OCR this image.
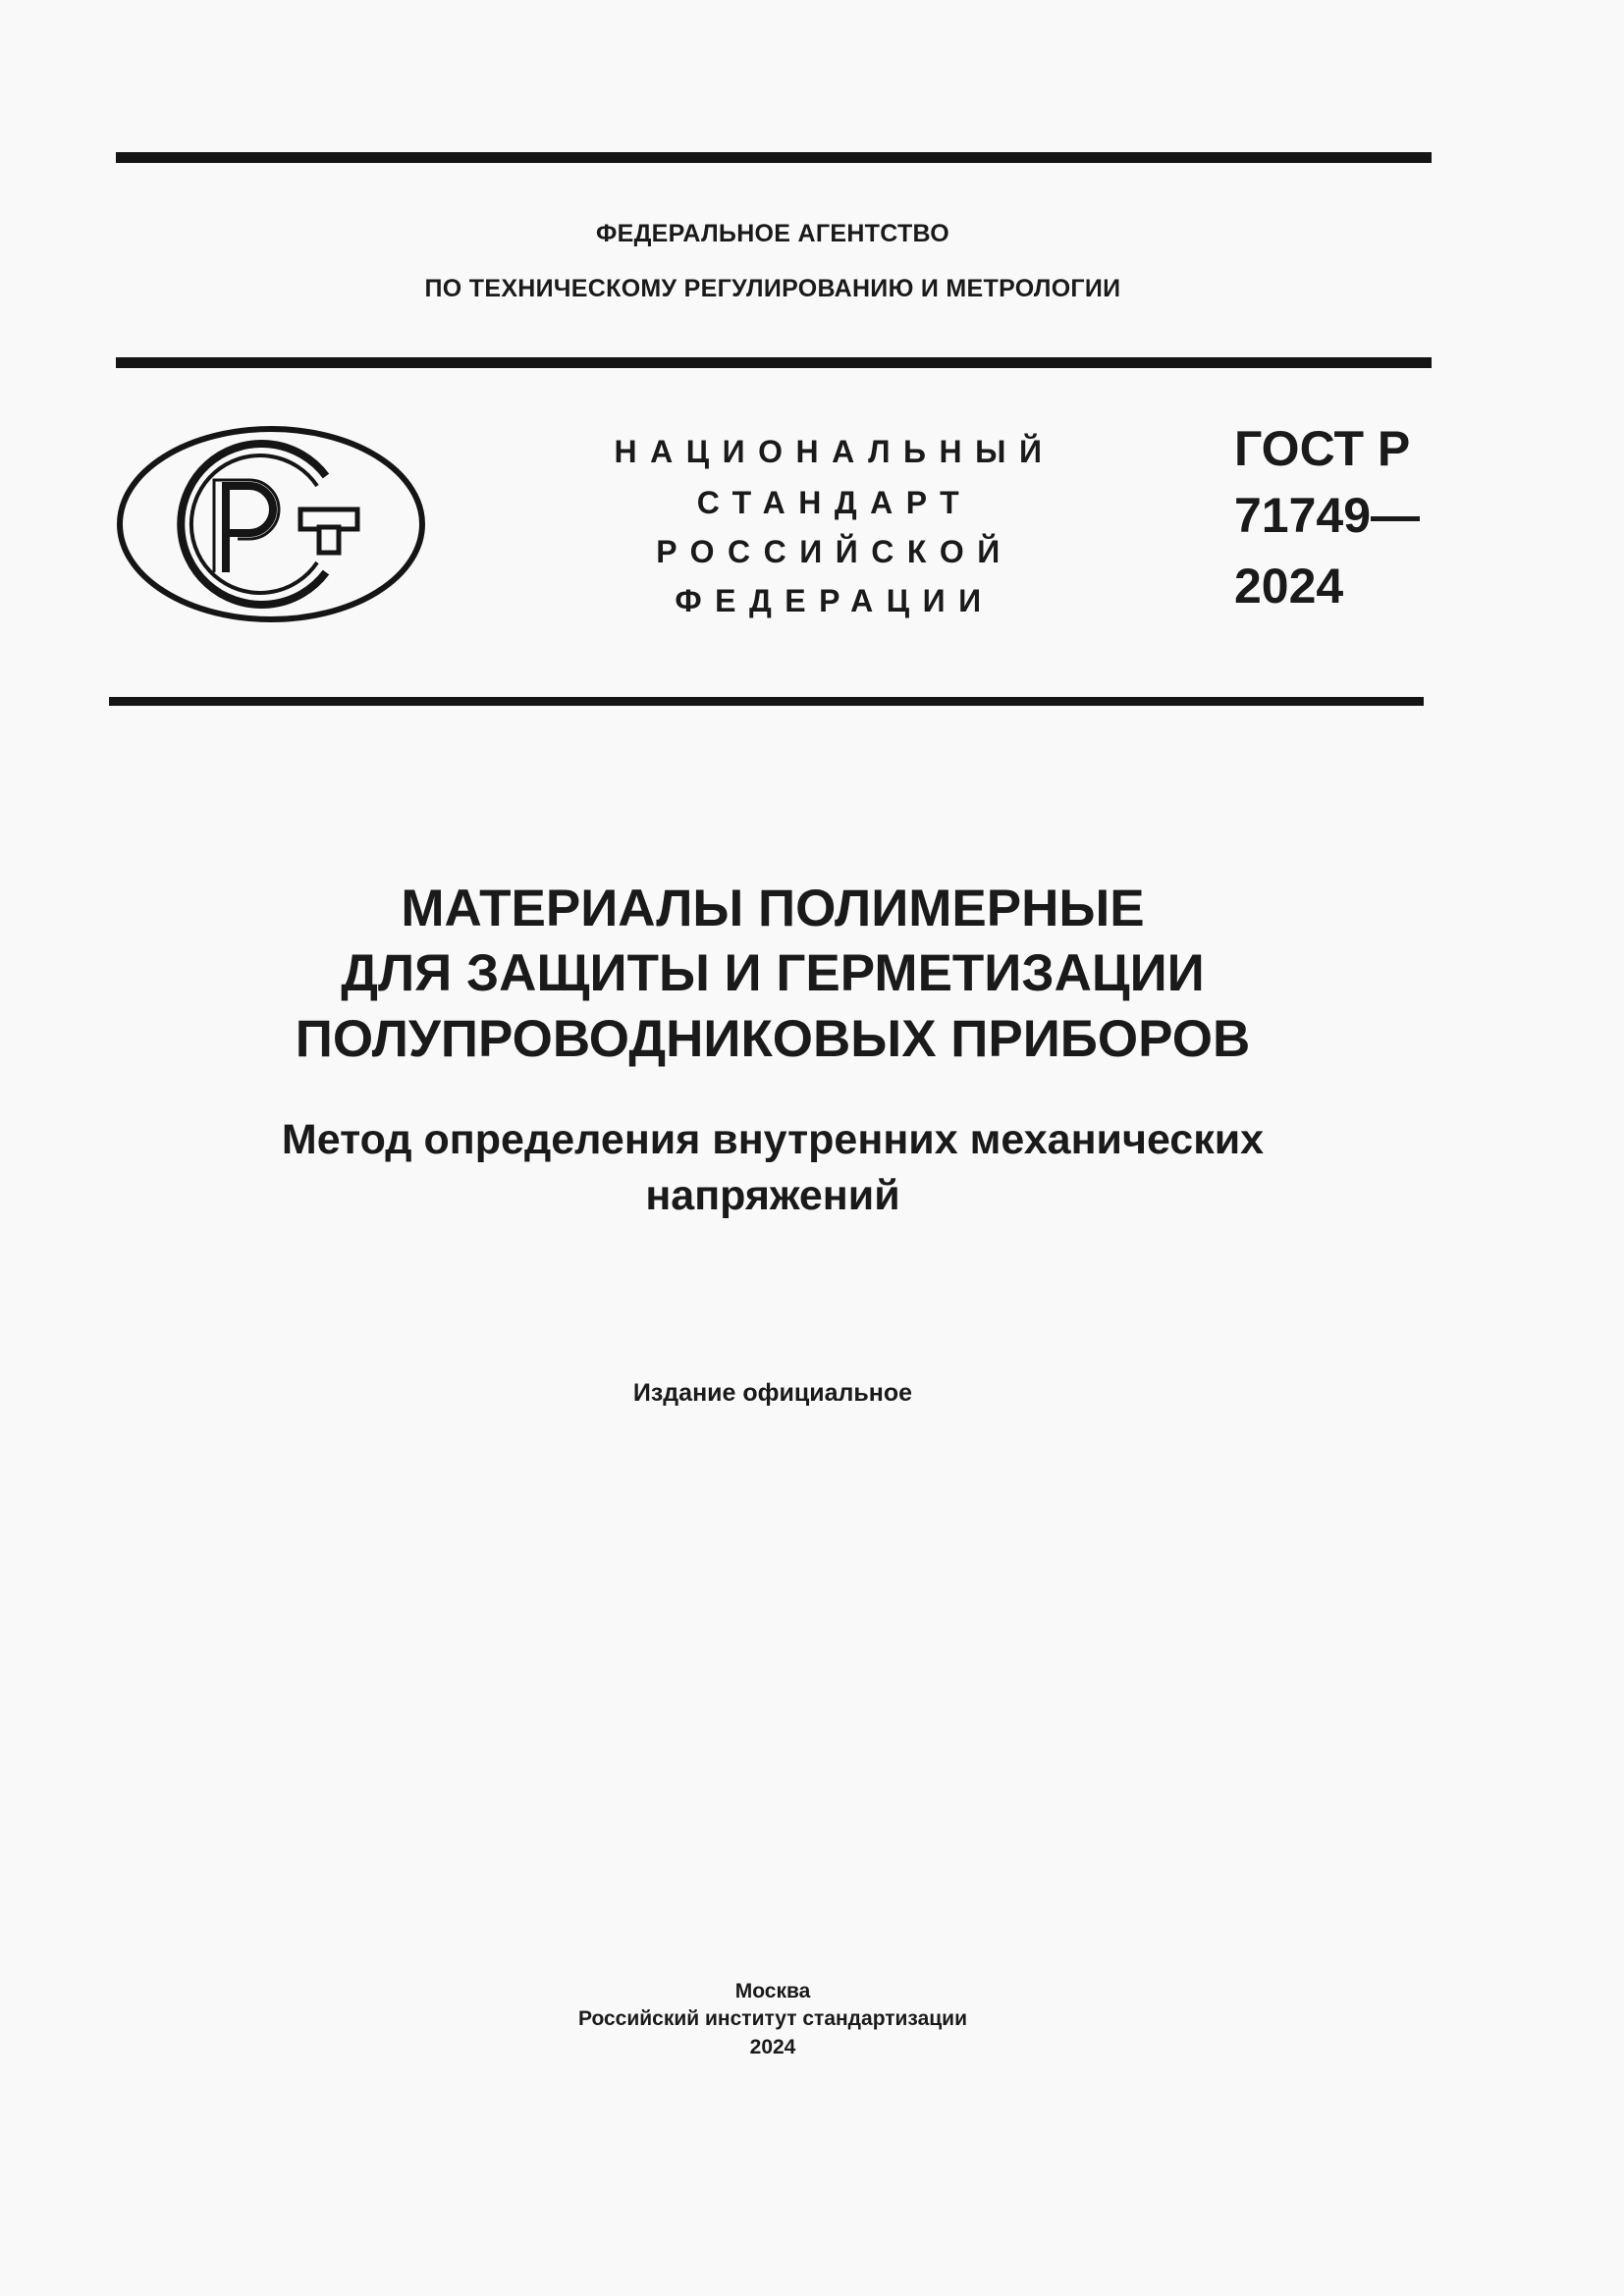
ФЕДЕРАЛЬНОЕ АГЕНТСТВО
ПО ТЕХНИЧЕСКОМУ РЕГУЛИРОВАНИЮ И МЕТРОЛОГИИ
НАЦИОНАЛЬНЫЙ
СТАНДАРТ
РОССИЙСКОЙ
ФЕДЕРАЦИИ
ГОСТ Р
71749—
2024
МАТЕРИАЛЫ ПОЛИМЕРНЫЕ
ДЛЯ ЗАЩИТЫ И ГЕРМЕТИЗАЦИИ
ПОЛУПРОВОДНИКОВЫХ ПРИБОРОВ
Метод определения внутренних механических
напряжений
Издание официальное
Москва
Российский институт стандартизации
2024
